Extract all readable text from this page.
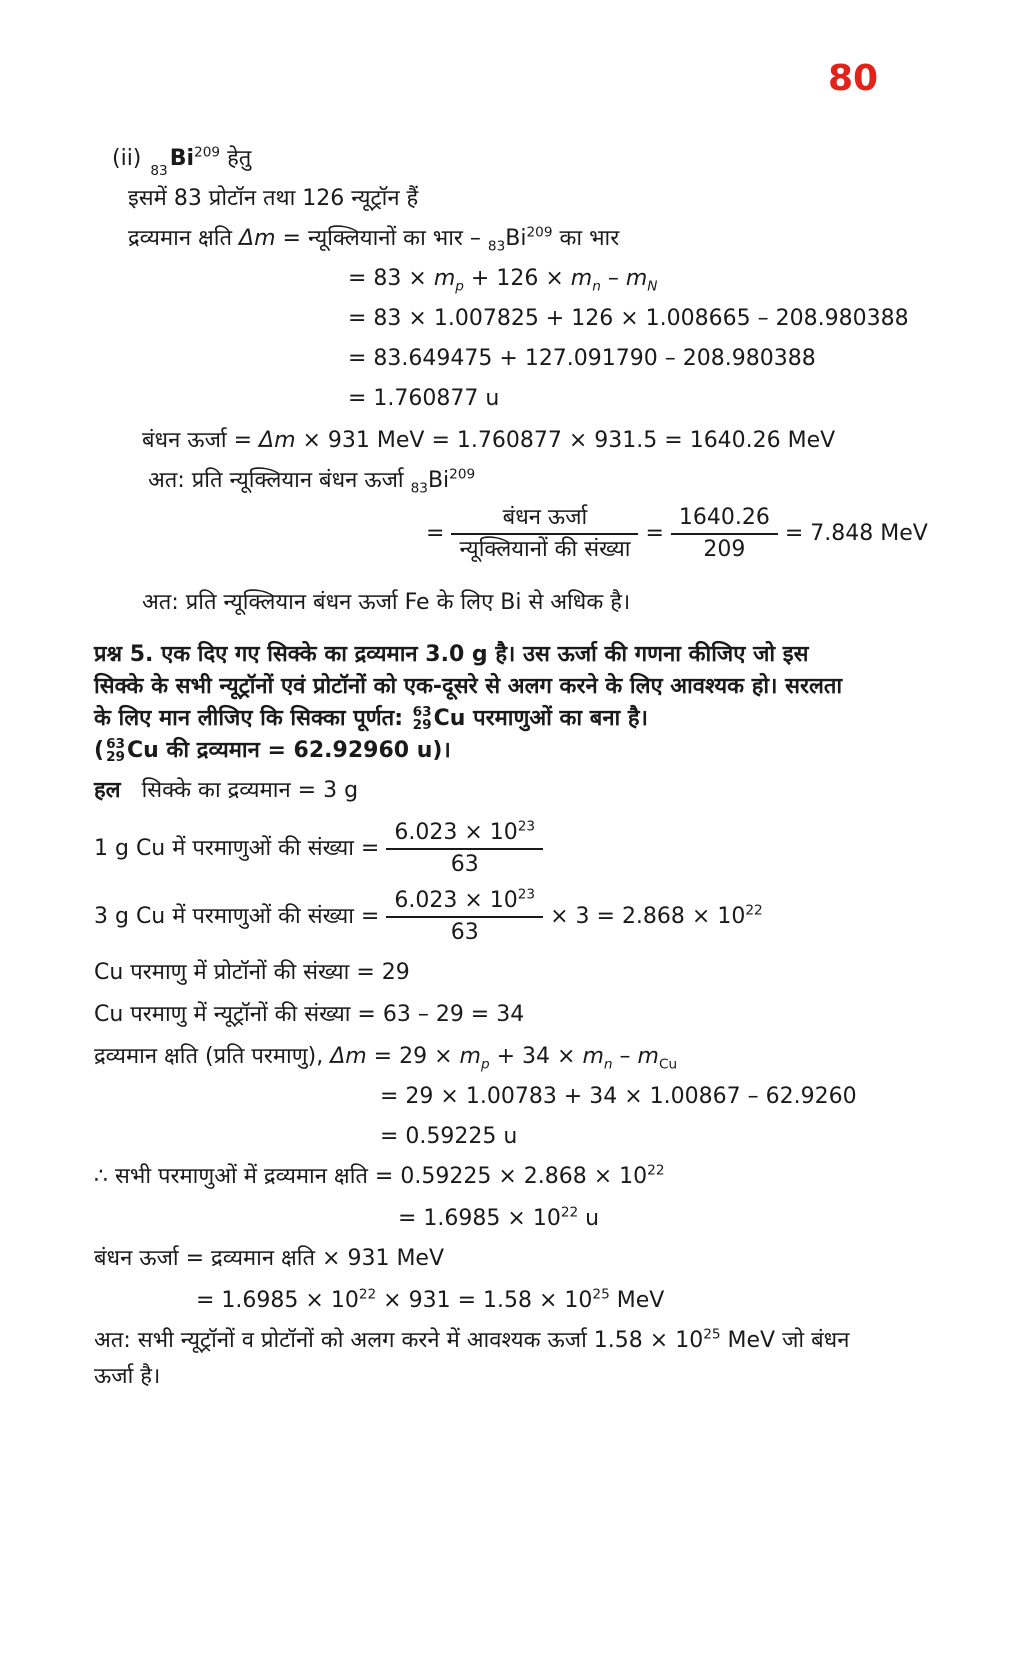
80
(ii) 83 Bi$^{209}$ हेतु
इसमें 83 प्रोटॉन तथा 126 न्यूट्रॉन हैं
द्रव्यमान क्षति Δm = न्यूक्लियानों का भार – $_{83}Bi^{209}$ का भार
= $83 \times m_p + 126 \times m_n - m_N$
= 83 × 1.007825 + 126 × 1.008665 – 208.980388
= 83.649475 + 127.091790 – 208.980388
= 1.760877 u
बंधन ऊर्जा = Δm × 931 MeV = 1.760877 × 931.5 = 1640.26 MeV
अत: प्रति न्यूक्लियान बंधन ऊर्जा $_{83}Bi^{209}$
= $\frac{\text{बंधन ऊर्जा}}{\text{न्यूक्लियानों की संख्या}} = \frac{1640.26}{209} = 7.848$ MeV
अत: प्रति न्यूक्लियान बंधन ऊर्जा Fe के लिए Bi से अधिक है।
प्रश्न 5. एक दिए गए सिक्के का द्रव्यमान 3.0 g है। उस ऊर्जा की गणना कीजिए जो इस
सिक्के के सभी न्यूट्रॉनों एवं प्रोटॉनों को एक-दूसरे से अलग करने के लिए आवश्यक हो। सरलता
के लिए मान लीजिए कि सिक्का पूर्णत: 63
29 Cu परमाणुओं का बना है।
( 63
29 Cu की द्रव्यमान = 62.92960 u)।
हल सिक्के का द्रव्यमान = 3 g
1 g Cu में परमाणुओं की संख्या = $\frac{6.023 \times 10^{23}}{63}$
3 g Cu में परमाणुओं की संख्या = $\frac{6.023 \times 10^{23}}{63} \times 3 = 2.868 \times 10^{22}$
Cu परमाणु में प्रोटॉनों की संख्या = 29
Cu परमाणु में न्यूट्रॉनों की संख्या = 63 – 29 = 34
द्रव्यमान क्षति (प्रति परमाणु), $\Delta m = 29 \times m_p + 34 \times m_n - m_{Cu}$
= 29 × 1.00783 + 34 × 1.00867 – 62.9260
= 0.59225 u
∴ सभी परमाणुओं में द्रव्यमान क्षति = $0.59225 \times 2.868 \times 10^{22}$
= $1.6985 \times 10^{22}$ u
बंधन ऊर्जा = द्रव्यमान क्षति × 931 MeV
= $1.6985 \times 10^{22} \times 931 = 1.58 \times 10^{25}$ MeV
अत: सभी न्यूट्रॉनों व प्रोटॉनों को अलग करने में आवश्यक ऊर्जा $1.58 \times 10^{25}$ MeV जो बंधन
ऊर्जा है।
